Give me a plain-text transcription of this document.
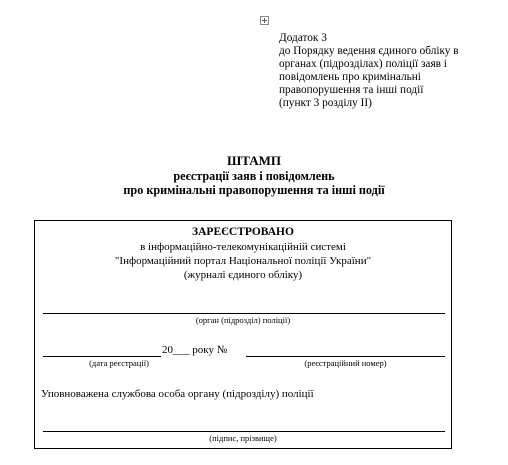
Додаток 3
до Порядку ведення єдиного обліку в
органах (підрозділах) поліції заяв і
повідомлень про кримінальні
правопорушення та інші події
(пункт 3 розділу ІІ)
ШТАМП
реєстрації заяв і повідомлень
про кримінальні правопорушення та інші події
ЗАРЕЄСТРОВАНО
в інформаційно-телекомунікаційній системі
"Інформаційний портал Національної поліції України"
(журналі єдиного обліку)
(орган (підрозділ) поліції)
20___ року №
(дата реєстрації)	(реєстраційний номер)
Уповноважена службова особа органу (підрозділу) поліції
(підпис, прізвище)
